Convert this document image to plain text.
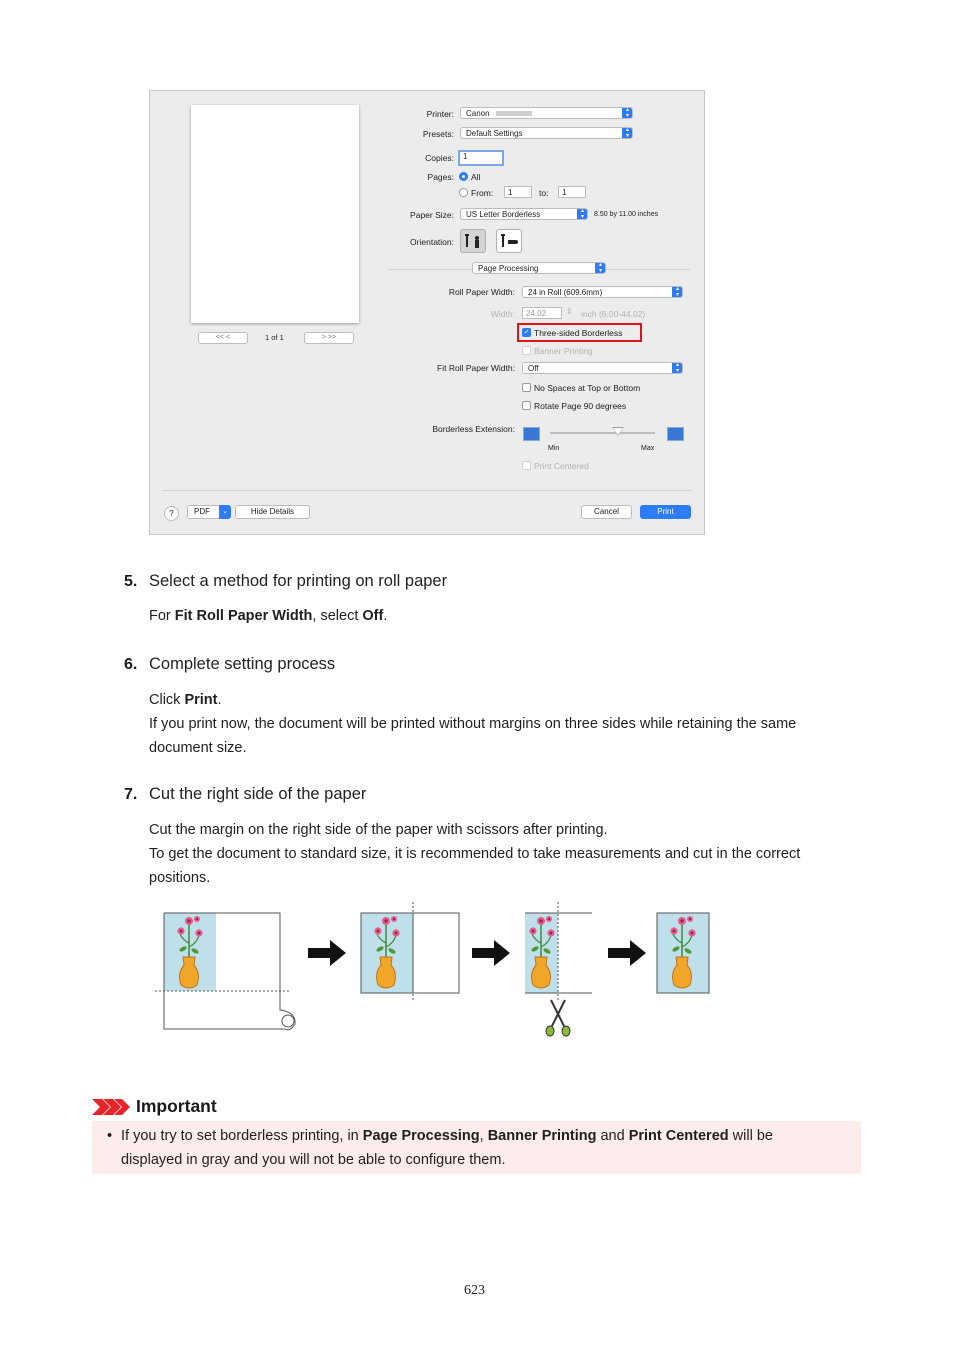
<< <	1 of 1	> >>
Printer:	Canon	▴
▾
Presets:	Default Settings	▴
▾
Copies:	1
Pages: All
From:	1	to:	1
Paper Size:	US Letter Borderless	▴
▾	8.50 by 11.00 inches
Orientation:
Page Processing	▴
▾
Roll Paper Width:	24 in Roll (609.6mm)	▴
▾
Width:	24.02	⇕ inch (6.00-44.02)
✓ Three-sided Borderless
Banner Printing
Fit Roll Paper Width:	Off	▴
▾
No Spaces at Top or Bottom
Rotate Page 90 degrees
Borderless Extension:
Min	Max
Print Centered
?	PDF	⌄	Hide Details	Cancel	Print
5. Select a method for printing on roll paper
For Fit Roll Paper Width, select Off.
6. Complete setting process
Click Print.
If you print now, the document will be printed without margins on three sides while retaining the same
document size.
7. Cut the right side of the paper
Cut the margin on the right side of the paper with scissors after printing.
To get the document to standard size, it is recommended to take measurements and cut in the correct
positions.
Important
• If you try to set borderless printing, in Page Processing, Banner Printing and Print Centered will be
displayed in gray and you will not be able to configure them.
623
